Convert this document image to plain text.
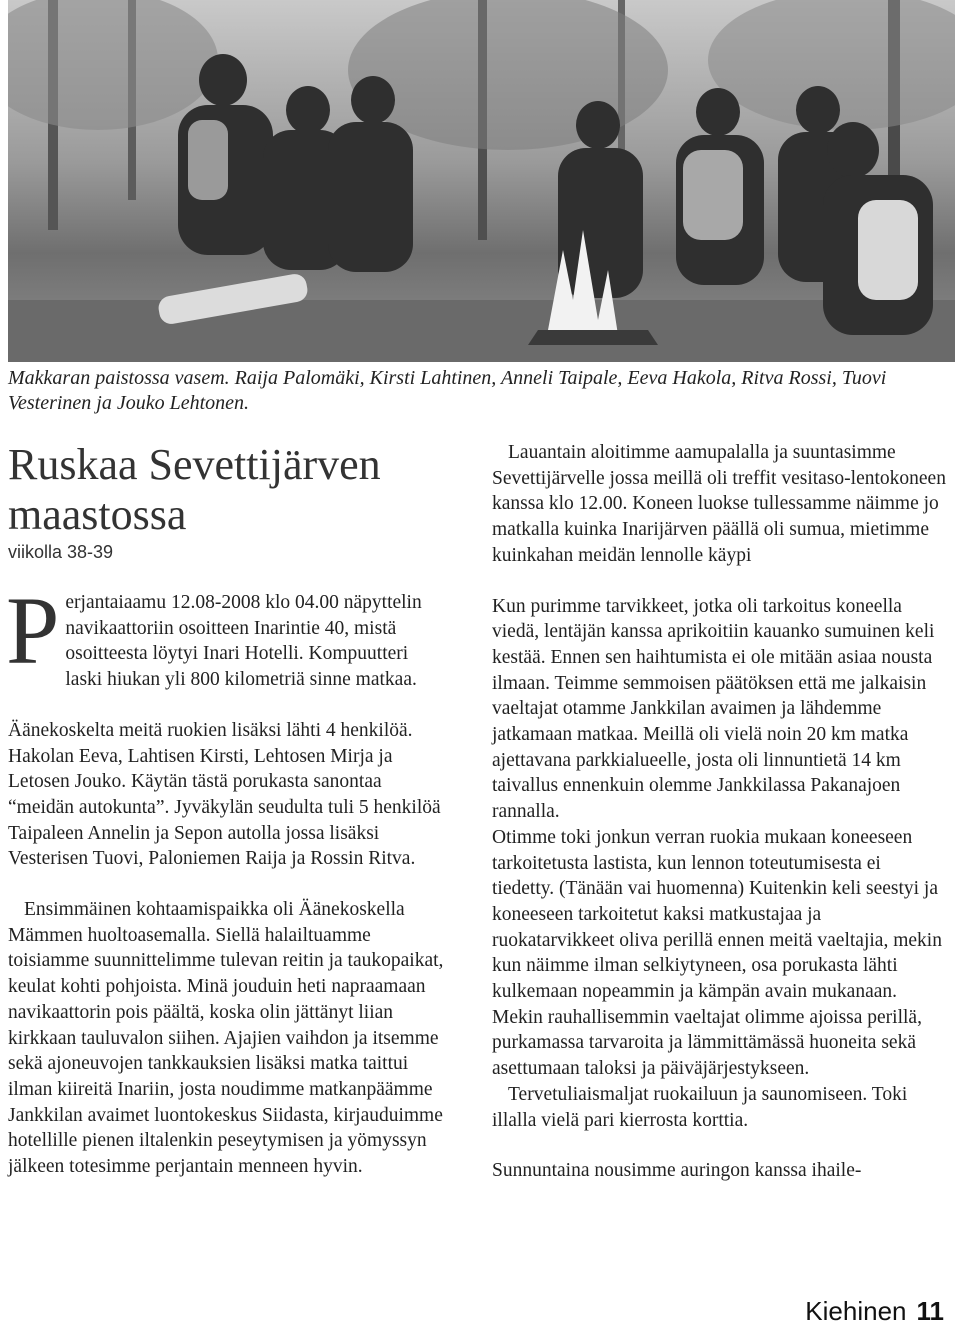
Makkaran paistossa vasem. Raija Palomäki, Kirsti Lahtinen, Anneli Taipale, Eeva Hakola, Ritva Rossi, Tuovi Vesterinen ja Jouko Lehtonen.
Ruskaa Sevettijärven
maastossa
viikolla 38-39

Perjantaiaamu 12.08-2008 klo 04.00 näpyttelin navikaattoriin osoitteen Inarintie 40, mistä osoitteesta löytyi Inari Hotelli. Kompuutteri laski hiukan yli 800 kilometriä sinne matkaa.

Äänekoskelta meitä ruokien lisäksi lähti 4 henkilöä. Hakolan Eeva, Lahtisen Kirsti, Lehtosen Mirja ja Letosen Jouko. Käytän tästä porukasta sanontaa “meidän autokunta”. Jyväkylän seudulta tuli 5 henkilöä Taipaleen Annelin ja Sepon autolla jossa lisäksi Vesterisen Tuovi, Paloniemen Raija ja Rossin Ritva.

Ensimmäinen kohtaamispaikka oli Äänekoskella Mämmen huoltoasemalla. Siellä halailtuamme toisiamme suunnittelimme tulevan reitin ja taukopaikat, keulat kohti pohjoista. Minä jouduin heti napraamaan navikaattorin pois päältä, koska olin jättänyt liian kirkkaan tauluvalon siihen. Ajajien vaihdon ja itsemme sekä ajoneuvojen tankkauksien lisäksi matka taittui ilman kiireitä Inariin, josta noudimme matkanpäämme Jankkilan avaimet luontokeskus Siidasta, kirjauduimme hotellille pienen iltalenkin peseytymisen ja yömyssyn jälkeen totesimme perjantain menneen hyvin.

Lauantain aloitimme aamupalalla ja suuntasimme Sevettijärvelle jossa meillä oli treffit vesitaso-lentokoneen kanssa klo 12.00. Koneen luokse tullessamme näimme jo matkalla kuinka Inarijärven päällä oli sumua, mietimme kuinkahan meidän lennolle käypi

Kun purimme tarvikkeet, jotka oli tarkoitus koneella viedä, lentäjän kanssa aprikoitiin kauanko sumuinen keli kestää. Ennen sen haihtumista ei ole mitään asiaa nousta ilmaan. Teimme semmoisen päätöksen että me jalkaisin vaeltajat otamme Jankkilan avaimen ja lähdemme jatkamaan matkaa. Meillä oli vielä noin 20 km matka ajettavana parkkialueelle, josta oli linnuntietä 14 km taivallus ennenkuin olemme Jankkilassa Pakanajoen rannalla.

Otimme toki jonkun verran ruokia mukaan koneeseen tarkoitetusta lastista, kun lennon toteutumisesta ei tiedetty. (Tänään vai huomenna) Kuitenkin keli seestyi ja koneeseen tarkoitetut kaksi matkustajaa ja ruokatarvikkeet oliva perillä ennen meitä vaeltajia, mekin kun näimme ilman selkiytyneen, osa porukasta lähti kulkemaan nopeammin ja kämpän avain mukanaan. Mekin rauhallisemmin vaeltajat olimme ajoissa perillä, purkamassa tarvaroita ja lämmittämässä huoneita sekä asettumaan taloksi ja päiväjärjestykseen.

Tervetuliaismaljat ruokailuun ja saunomiseen. Toki illalla vielä pari kierrosta korttia.

Sunnuntaina nousimme auringon kanssa ihaile-

Kiehinen 11
